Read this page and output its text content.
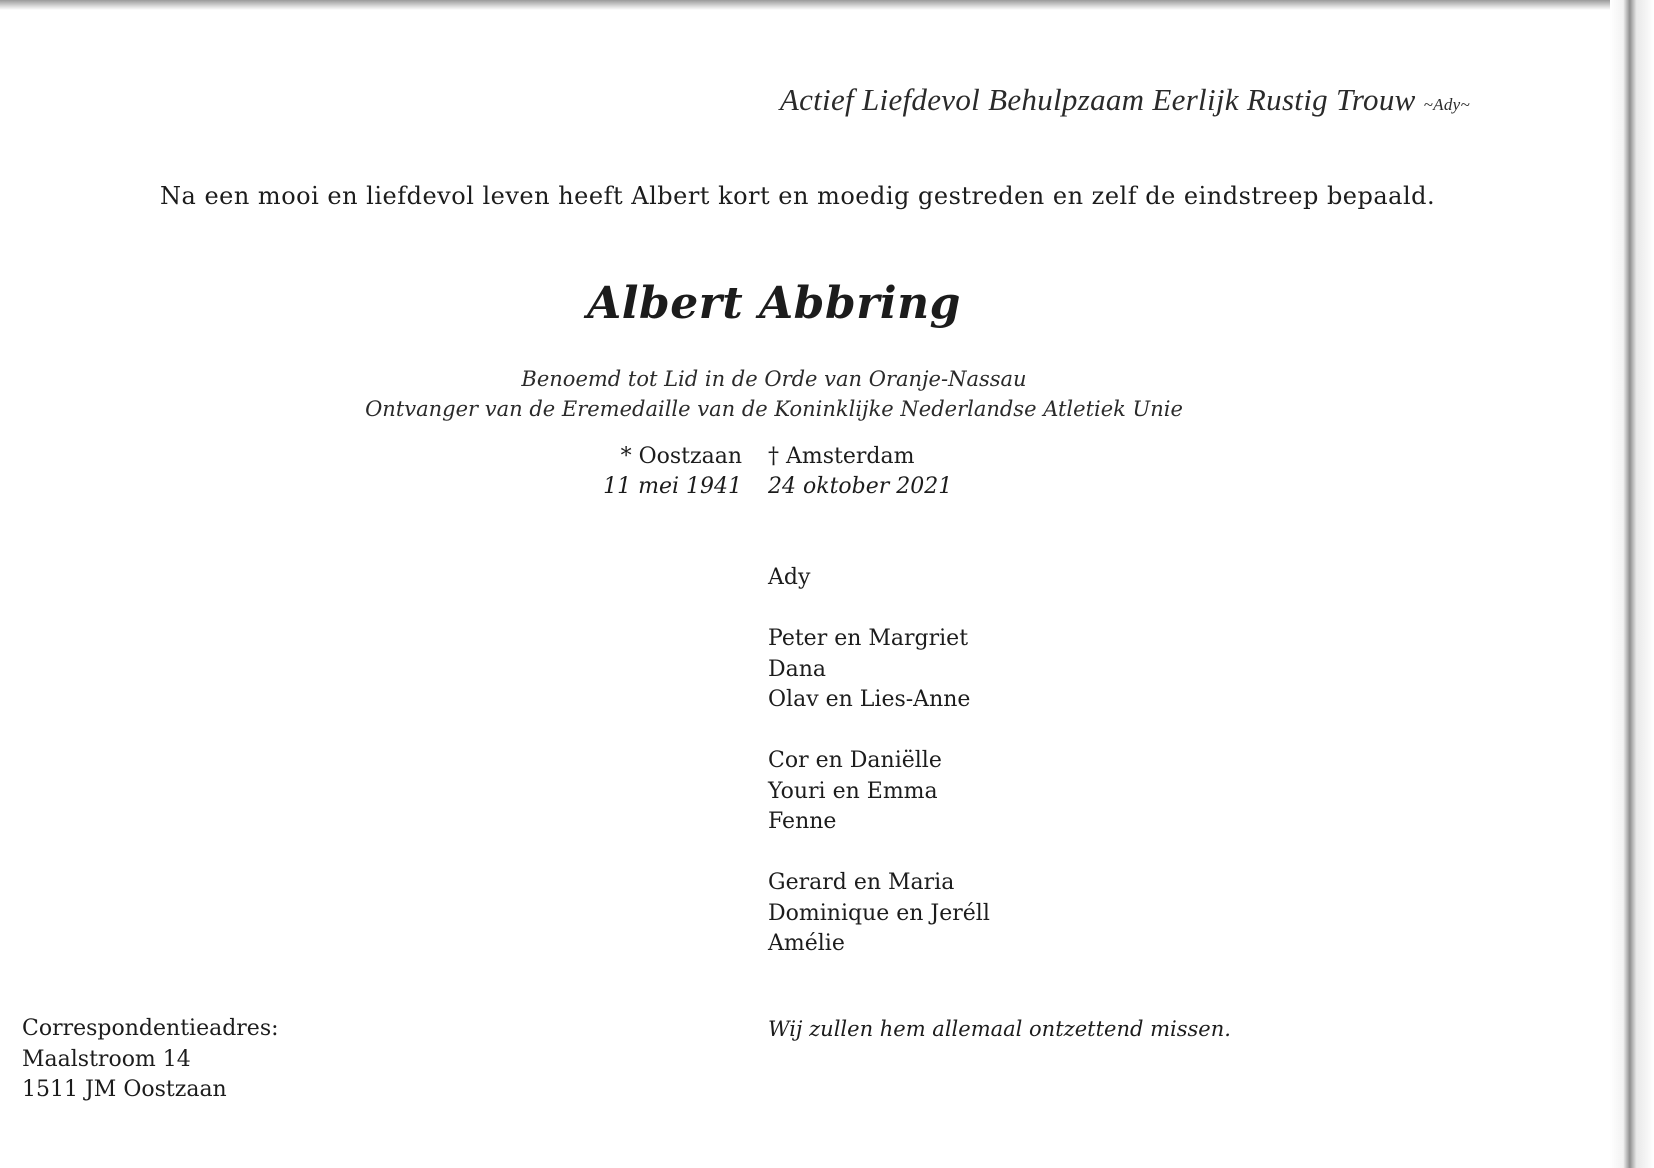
Actief Liefdevol Behulpzaam Eerlijk Rustig Trouw ~Ady~
Na een mooi en liefdevol leven heeft Albert kort en moedig gestreden en zelf de eindstreep bepaald.
Albert Abbring
Benoemd tot Lid in de Orde van Oranje-Nassau
Ontvanger van de Eremedaille van de Koninklijke Nederlandse Atletiek Unie
* Oostzaan
11 mei 1941
† Amsterdam
24 oktober 2021
Ady
Peter en Margriet
Dana
Olav en Lies-Anne
Cor en Daniëlle
Youri en Emma
Fenne
Gerard en Maria
Dominique en Jeréll
Amélie
Correspondentieadres:
Maalstroom 14
1511 JM Oostzaan
Wij zullen hem allemaal ontzettend missen.
